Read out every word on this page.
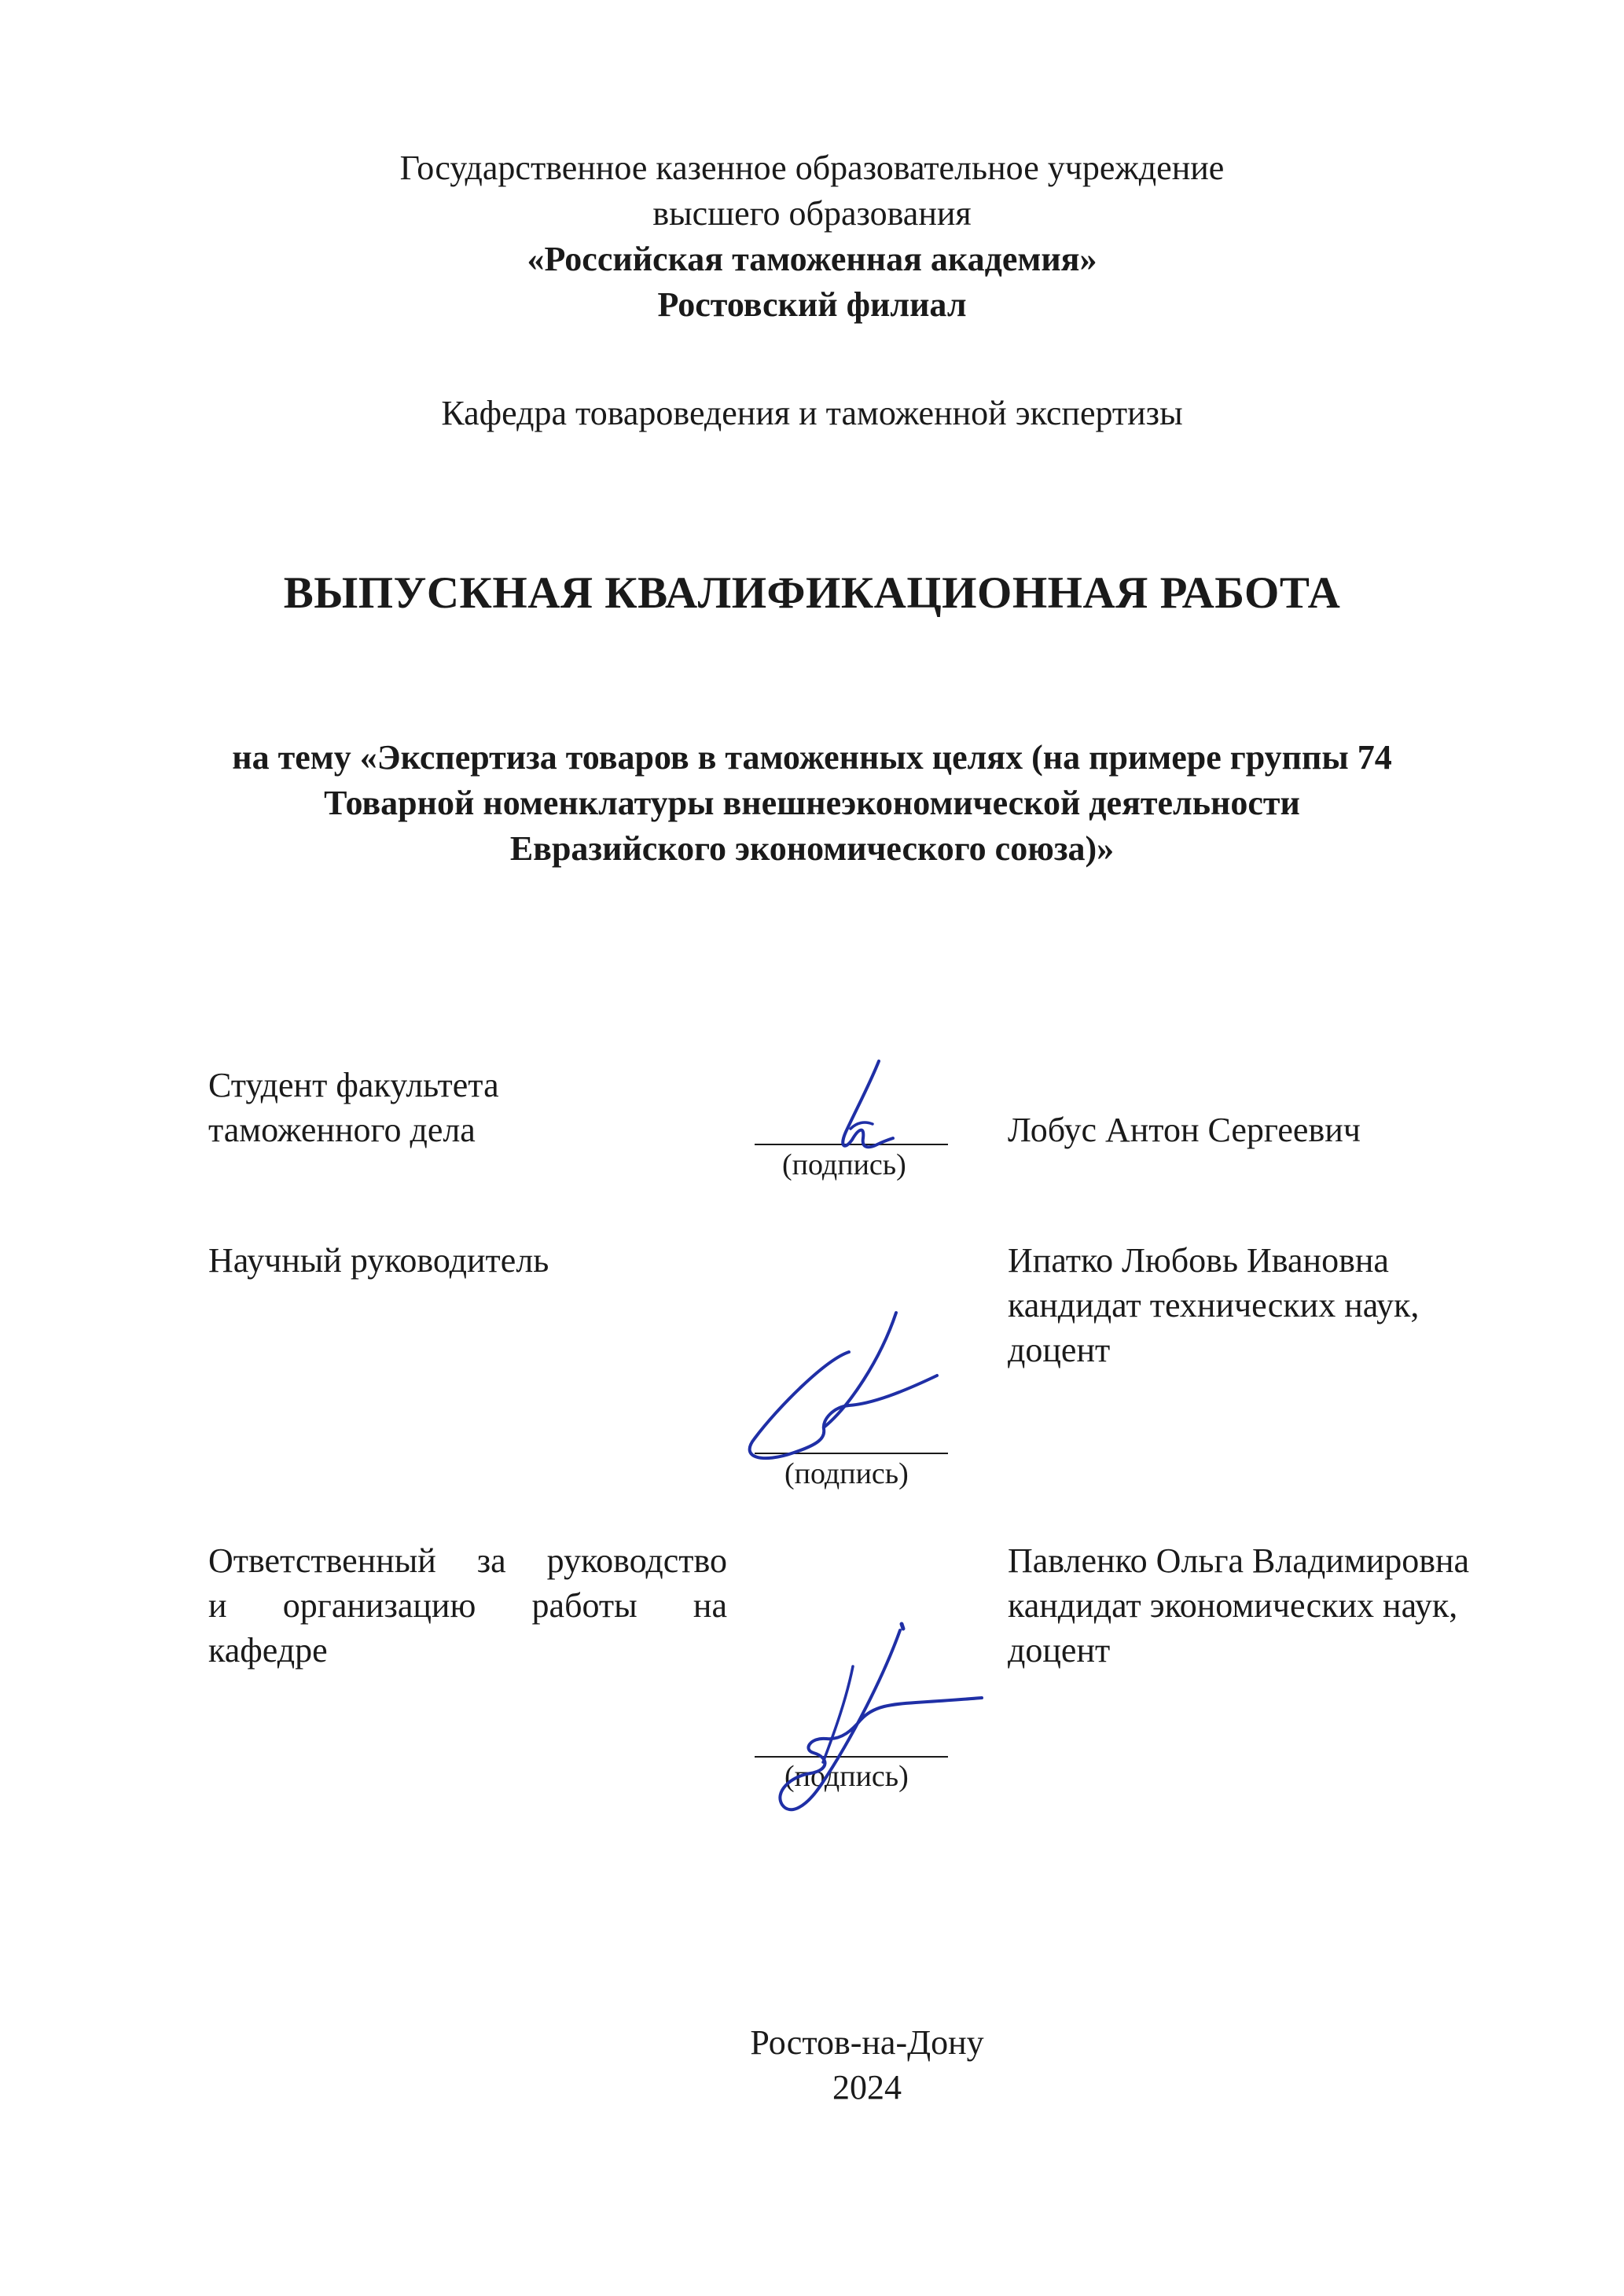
Государственное казенное образовательное учреждение
высшего образования
«Российская таможенная академия»
Ростовский филиал
Кафедра товароведения и таможенной экспертизы
ВЫПУСКНАЯ КВАЛИФИКАЦИОННАЯ РАБОТА
на тему «Экспертиза товаров в таможенных целях (на примере группы 74
Товарной номенклатуры внешнеэкономической деятельности
Евразийского экономического союза)»
Студент факультета
таможенного дела
(подпись)
Лобус Антон Сергеевич
Научный руководитель	Ипатко Любовь Ивановна
кандидат технических наук,
доцент
(подпись)
Ответственный за руководство
и организацию работы на
кафедре
Павленко Ольга Владимировна
кандидат экономических наук,
доцент
(подпись)
Ростов-на-Дону
2024
